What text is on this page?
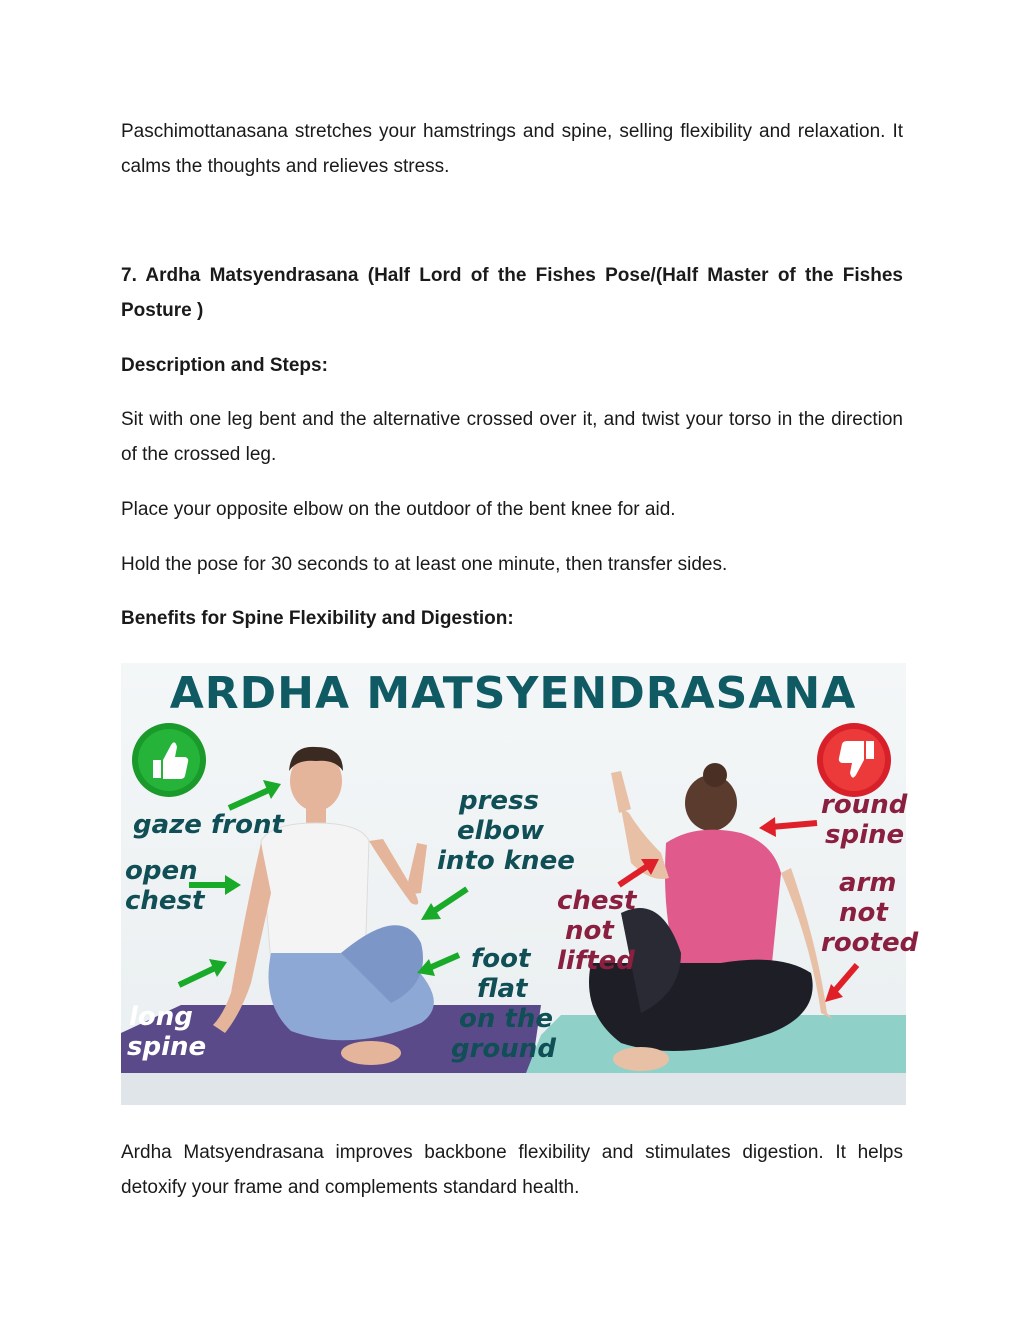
Paschimottanasana stretches your hamstrings and spine, selling flexibility and relaxation. It calms the thoughts and relieves stress.

7. Ardha Matsyendrasana (Half Lord of the Fishes Pose/(Half Master of the Fishes Posture )

Description and Steps:

Sit with one leg bent and the alternative crossed over it, and twist your torso in the direction of the crossed leg.

Place your opposite elbow on the outdoor of the bent knee for aid.

Hold the pose for 30 seconds to at least one minute, then transfer sides.

Benefits for Spine Flexibility and Digestion:

ARDHA MATSYENDRASANA
gaze front
open
chest
long
spine
press
elbow
into knee
foot
flat
on the
ground
round
spine
chest
not
lifted
arm
not
rooted

Ardha Matsyendrasana improves backbone flexibility and stimulates digestion. It helps detoxify your frame and complements standard health.
